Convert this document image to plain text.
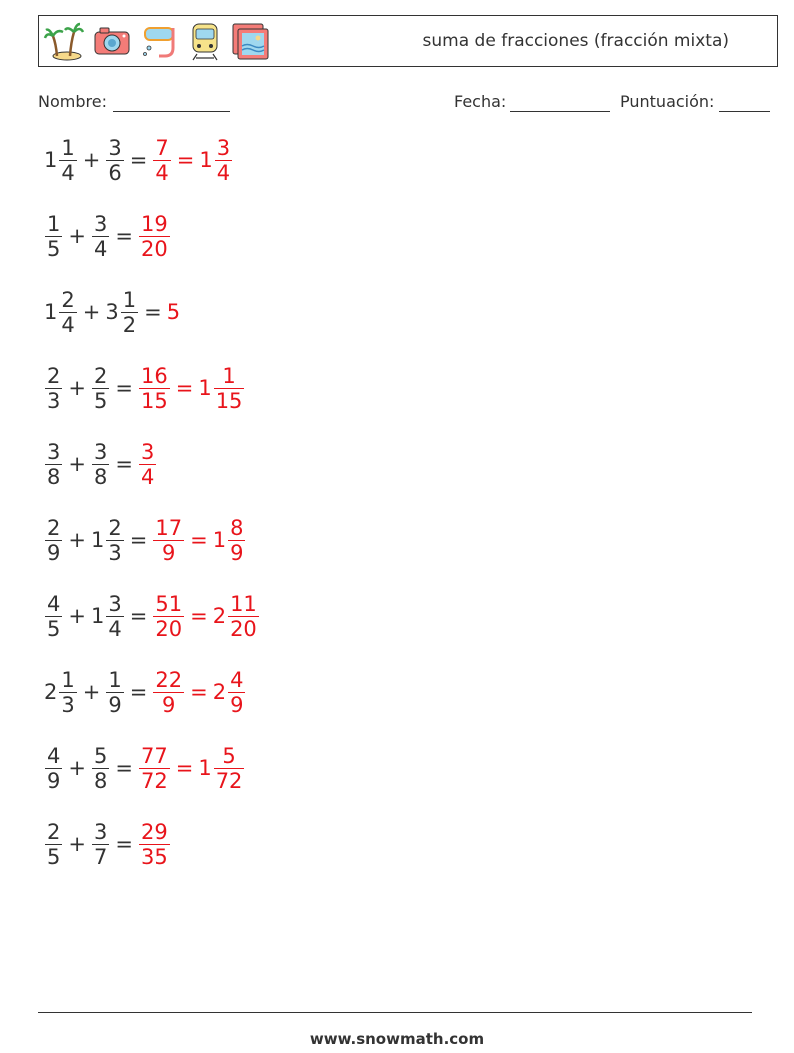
suma de fracciones (fracción mixta)
Nombre:	Fecha:	Puntuación:
$1 \frac{1}{4} + \frac{3}{6} = \frac{7}{4} = 1 \frac{3}{4}$
$\frac{1}{5} + \frac{3}{4} = \frac{19}{20}$
$1 \frac{2}{4} + 3 \frac{1}{2} = 5$
$\frac{2}{3} + \frac{2}{5} = \frac{16}{15} = 1 \frac{1}{15}$
$\frac{3}{8} + \frac{3}{8} = \frac{3}{4}$
$\frac{2}{9} + 1 \frac{2}{3} = \frac{17}{9} = 1 \frac{8}{9}$
$\frac{4}{5} + 1 \frac{3}{4} = \frac{51}{20} = 2 \frac{11}{20}$
$2 \frac{1}{3} + \frac{1}{9} = \frac{22}{9} = 2 \frac{4}{9}$
$\frac{4}{9} + \frac{5}{8} = \frac{77}{72} = 1 \frac{5}{72}$
$\frac{2}{5} + \frac{3}{7} = \frac{29}{35}$
www.snowmath.com
